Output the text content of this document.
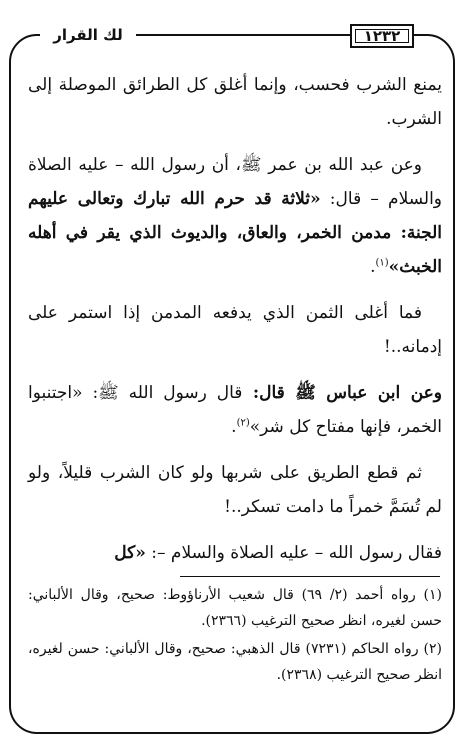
١٢٣٢
لك القرار

يمنع الشرب فحسب، وإنما أغلق كل الطرائق الموصلة إلى الشرب.

وعن عبد الله بن عمر ﷺ، أن رسول الله – عليه الصلاة والسلام – قال: «ثلاثة قد حرم الله تبارك وتعالى عليهم الجنة: مدمن الخمر، والعاق، والديوث الذي يقر في أهله الخبث»$^{(١)}$.

فما أغلى الثمن الذي يدفعه المدمن إذا استمر على إدمانه..!

وعن ابن عباس ﷺ قال: قال رسول الله ﷺ: «اجتنبوا الخمر، فإنها مفتاح كل شر»$^{(٢)}$.

ثم قطع الطريق على شربها ولو كان الشرب قليلاً، ولو لم تُسَمَّ خمراً ما دامت تسكر..!

فقال رسول الله – عليه الصلاة والسلام –: «كل

(١) رواه أحمد (٢/ ٦٩) قال شعيب الأرناؤوط: صحيح، وقال الألباني: حسن لغيره، انظر صحيح الترغيب (٢٣٦٦).

(٢) رواه الحاكم (٧٢٣١) قال الذهبي: صحيح، وقال الألباني: حسن لغيره، انظر صحيح الترغيب (٢٣٦٨).
